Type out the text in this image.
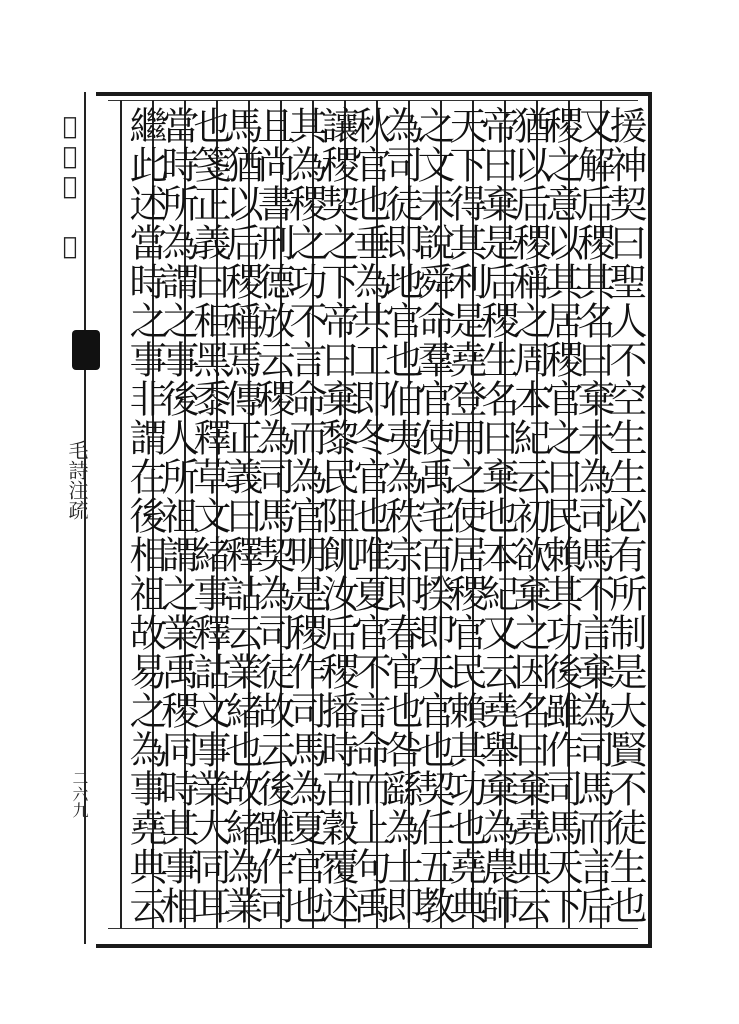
𠀌𠀌𠀌 十
毛詩注疏
二六九	援神契曰聖人不空生生必有所制是大賢不徒生也
又解后稷其名曰棄未為司馬不言棄為司馬而言后
稷之意以其居稷官之曰民賴其功後雖作司馬天下
猶以后稷稱之周本紀云初欲棄之因名曰棄堯典云
帝曰棄是后稷生名曰棄也本紀又云堯舉棄為農師
天下得其利是堯登用之使居稷官民賴其功也堯典
之文未說舜命羣官使禹宅百揆即天官也契任五教
為司徒即地官也伯夷為秩宗即春官也咎繇為士即
秋官也垂為共工即冬官也唯夏官不言命而上句禹
讓稷契之下帝曰棄黎民阻飢汝后稷播時百穀覆述
其為稷之功不言命而為官明是稷作司馬為夏官也
且尚書刑德放云稷為司馬契為司徒故云後雖作司
馬猶以后稷稱焉傳正義曰釋詁云業緒也故緒為業
也箋正義曰秬黑黍釋草文緒事釋詁文事業大同耳
當時所為謂之事後人所祖謂之業禹稷同時其事相
繼此述當時之事非謂在後相祖故易之為事堯典云
